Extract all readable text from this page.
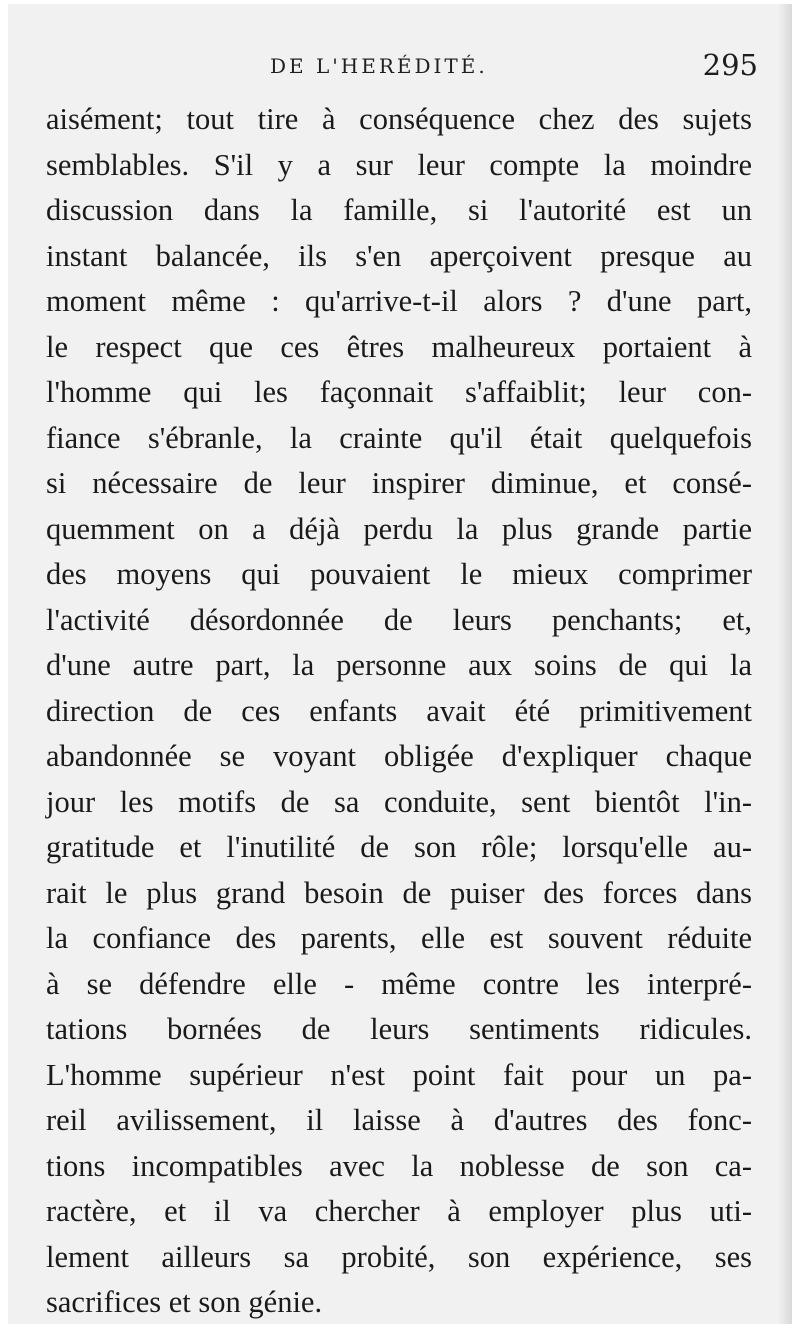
DE L'HERÉDITÉ.	295
aisément; tout tire à conséquence chez des sujets
semblables. S'il y a sur leur compte la moindre
discussion dans la famille, si l'autorité est un
instant balancée, ils s'en aperçoivent presque au
moment même : qu'arrive-t-il alors ? d'une part,
le respect que ces êtres malheureux portaient à
l'homme qui les façonnait s'affaiblit; leur con-
fiance s'ébranle, la crainte qu'il était quelquefois
si nécessaire de leur inspirer diminue, et consé-
quemment on a déjà perdu la plus grande partie
des moyens qui pouvaient le mieux comprimer
l'activité désordonnée de leurs penchants; et,
d'une autre part, la personne aux soins de qui la
direction de ces enfants avait été primitivement
abandonnée se voyant obligée d'expliquer chaque
jour les motifs de sa conduite, sent bientôt l'in-
gratitude et l'inutilité de son rôle; lorsqu'elle au-
rait le plus grand besoin de puiser des forces dans
la confiance des parents, elle est souvent réduite
à se défendre elle - même contre les interpré-
tations bornées de leurs sentiments ridicules.
L'homme supérieur n'est point fait pour un pa-
reil avilissement, il laisse à d'autres des fonc-
tions incompatibles avec la noblesse de son ca-
ractère, et il va chercher à employer plus uti-
lement ailleurs sa probité, son expérience, ses
sacrifices et son génie.
